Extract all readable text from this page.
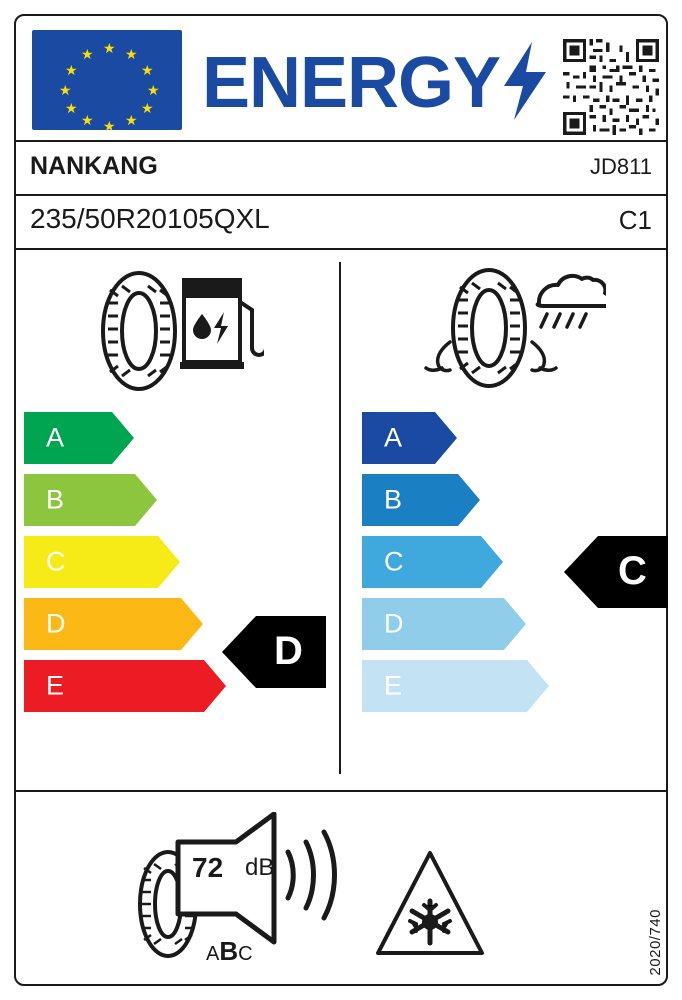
★
★ ★
★	★
★	★
★	★
★ ★
★
ENERGY
NANKANG	JD811
235/50R20105QXL	C1
A
B
C
D
E
D
A
B
C
D
E
C
72 dB
ABC	2020/740
